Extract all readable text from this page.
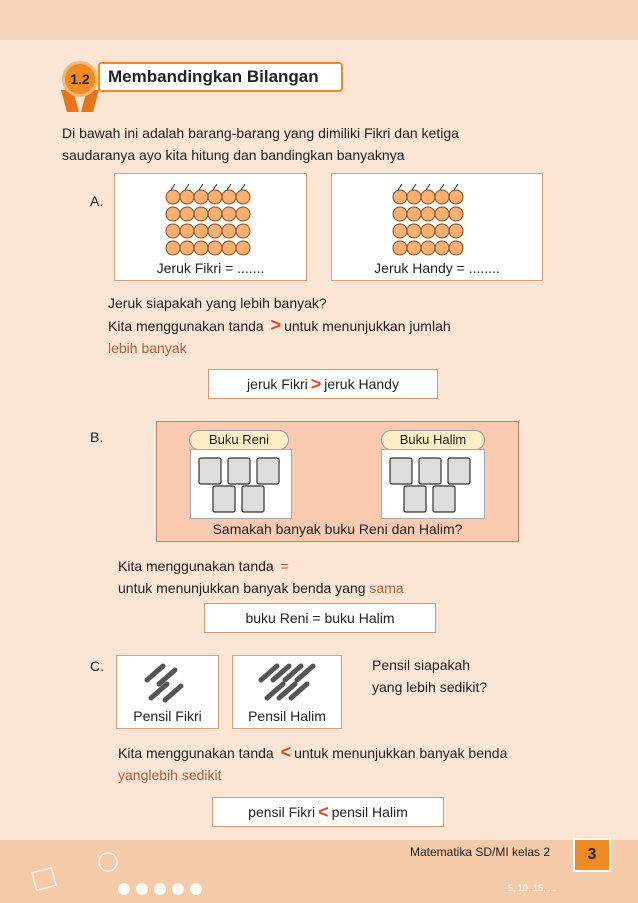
1.2	Membandingkan Bilangan
Di bawah ini adalah barang-barang yang dimiliki Fikri dan ketiga
saudaranya ayo kita hitung dan bandingkan banyaknya
A.
Jeruk Fikri = .......	Jeruk Handy = ........
Jeruk siapakah yang lebih banyak?
Kita menggunakan tanda > untuk menunjukkan jumlah
lebih banyak
jeruk Fikri > jeruk Handy
B.	Buku Reni	Buku Halim
Samakah banyak buku Reni dan Halim?
Kita menggunakan tanda =
untuk menunjukkan banyak benda yang sama
buku Reni = buku Halim
C.
Pensil Fikri	Pensil Halim
Pensil siapakah
yang lebih sedikit?
Kita menggunakan tanda < untuk menunjukkan banyak benda
yanglebih sedikit
pensil Fikri < pensil Halim
Matematika SD/MI kelas 2	3
5, 10, 15, ...
